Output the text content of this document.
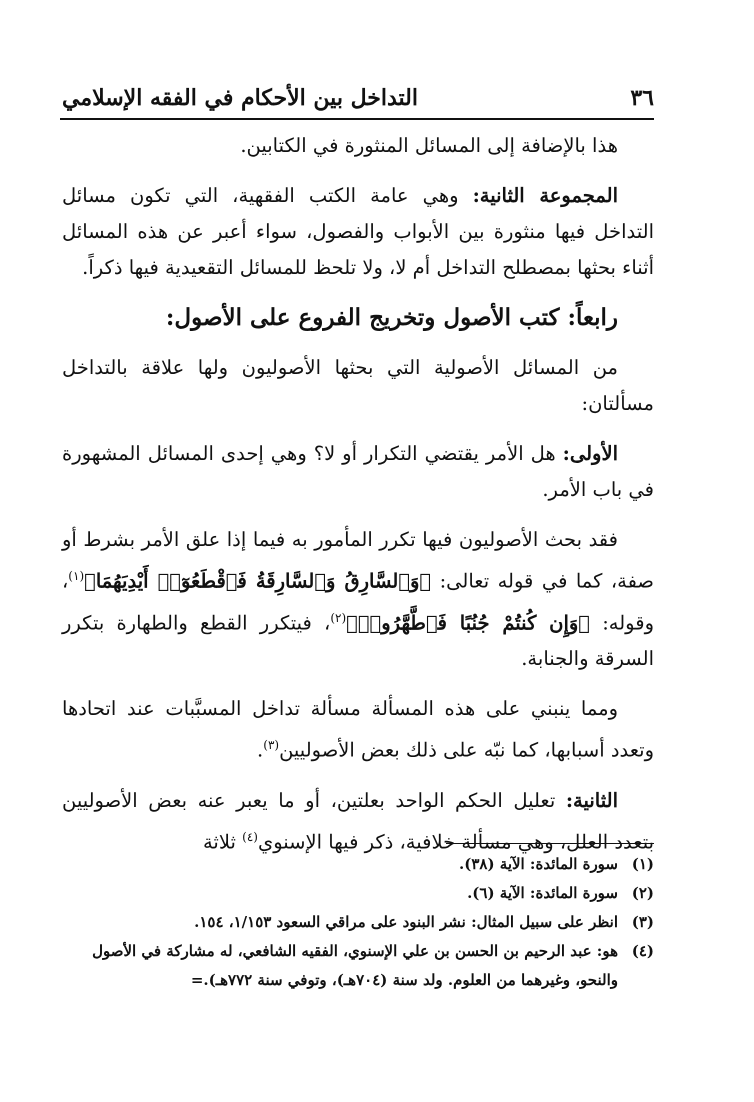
٣٦
التداخل بين الأحكام في الفقه الإسلامي

هذا بالإضافة إلى المسائل المنثورة في الكتابين.

المجموعة الثانية: وهي عامة الكتب الفقهية، التي تكون مسائل التداخل فيها منثورة بين الأبواب والفصول، سواء أعبر عن هذه المسائل أثناء بحثها بمصطلح التداخل أم لا، ولا تلحظ للمسائل التقعيدية فيها ذكراً.

رابعاً: كتب الأصول وتخريج الفروع على الأصول:

من المسائل الأصولية التي بحثها الأصوليون ولها علاقة بالتداخل مسألتان:

الأولى: هل الأمر يقتضي التكرار أو لا؟ وهي إحدى المسائل المشهورة في باب الأمر.

فقد بحث الأصوليون فيها تكرر المأمور به فيما إذا علق الأمر بشرط أو صفة، كما في قوله تعالى: ﴿وَٱلسَّارِقُ وَٱلسَّارِقَةُ فَٱقْطَعُوٓا۟ أَيْدِيَهُمَا﴾$^{(١)}$، وقوله: ﴿وَإِن كُنتُمْ جُنُبًا فَٱطَّهَّرُوا۟﴾$^{(٢)}$، فيتكرر القطع والطهارة بتكرر السرقة والجنابة.

ومما ينبني على هذه المسألة مسألة تداخل المسبَّبات عند اتحادها وتعدد أسبابها، كما نبّه على ذلك بعض الأصوليين$^{(٣)}$.

الثانية: تعليل الحكم الواحد بعلتين، أو ما يعبر عنه بعض الأصوليين بتعدد العلل، وهي مسألة خلافية، ذكر فيها الإسنوي$^{(٤)}$ ثلاثة

(١)
سورة المائدة: الآية (٣٨).
(٢)
سورة المائدة: الآية (٦).
(٣)
انظر على سبيل المثال: نشر البنود على مراقي السعود ١/١٥٣، ١٥٤.
(٤)
هو: عبد الرحيم بن الحسن بن علي الإسنوي، الفقيه الشافعي، له مشاركة في الأصول والنحو، وغيرهما من العلوم. ولد سنة (٧٠٤هـ)، وتوفي سنة ٧٧٢هـ).=
